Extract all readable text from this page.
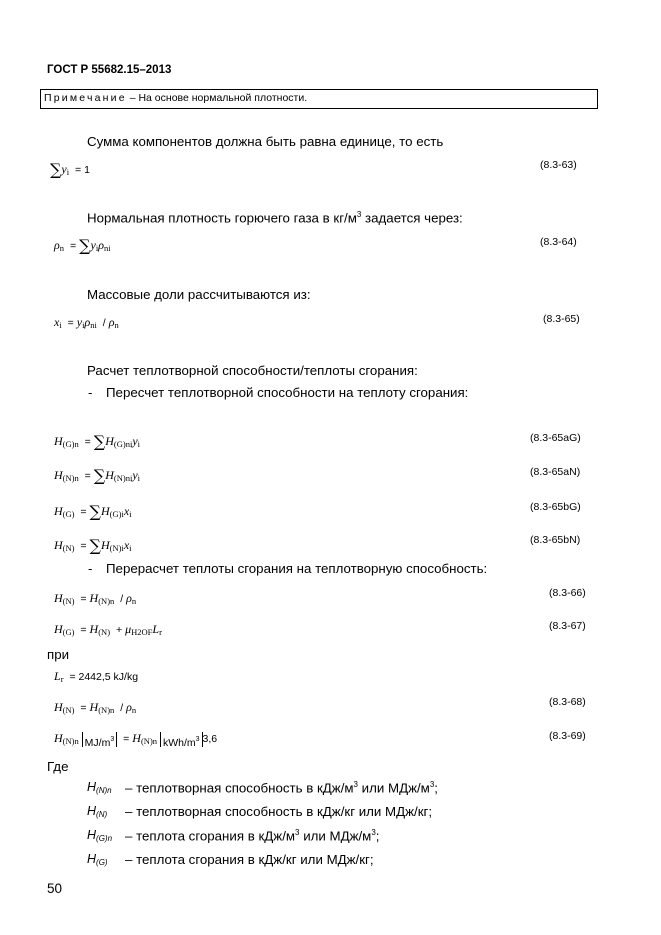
ГОСТ Р 55682.15–2013
Примечание – На основе нормальной плотности.
Сумма компонентов должна быть равна единице, то есть
$\sum y_i = 1$	(8.3-63)
Нормальная плотность горючего газа в $кг/м^3$ задается через:
$\rho_n = \sum y_i\rho_{ni}$	(8.3-64)
Массовые доли рассчитываются из:
$x_i = y_i\rho_{ni} / \rho_n$	(8.3-65)
Расчет теплотворной способности/теплоты сгорания:
- Пересчет теплотворной способности на теплоту сгорания:
$H_{(G)n} = \sum H_{(G)ni}y_i$	(8.3-65aG)
$H_{(N)n} = \sum H_{(N)ni}y_i$	(8.3-65aN)
$H_{(G)} = \sum H_{(G)i}x_i$
(8.3-65bG)
$H_{(N)} = \sum H_{(N)i}x_i$
(8.3-65bN)
- Перерасчет теплоты сгорания на теплотворную способность:
$H_{(N)} = H_{(N)n} / \rho_n$
(8.3-66)
$H_{(G)} = H_{(N)} + \mu_{H2OF}L_r$	(8.3-67)
при
$L_r = 2442,5$ kJ/kg
$H_{(N)} = H_{(N)n} / \rho_n$
(8.3-68)
$H_{(N)n}$ $MJ/m^3 = H_{(N)n}$ kWh/$m^3$ 3,6	(8.3-69)
Где
H(N)n – теплотворная способность в кДж/$м^3$ или МДж/$м^3$;
H(N) – теплотворная способность в кДж/кг или МДж/кг;
H(G)n – теплота сгорания в кДж/$м^3$ или МДж/$м^3$;
H(G) – теплота сгорания в кДж/кг или МДж/кг;
50
